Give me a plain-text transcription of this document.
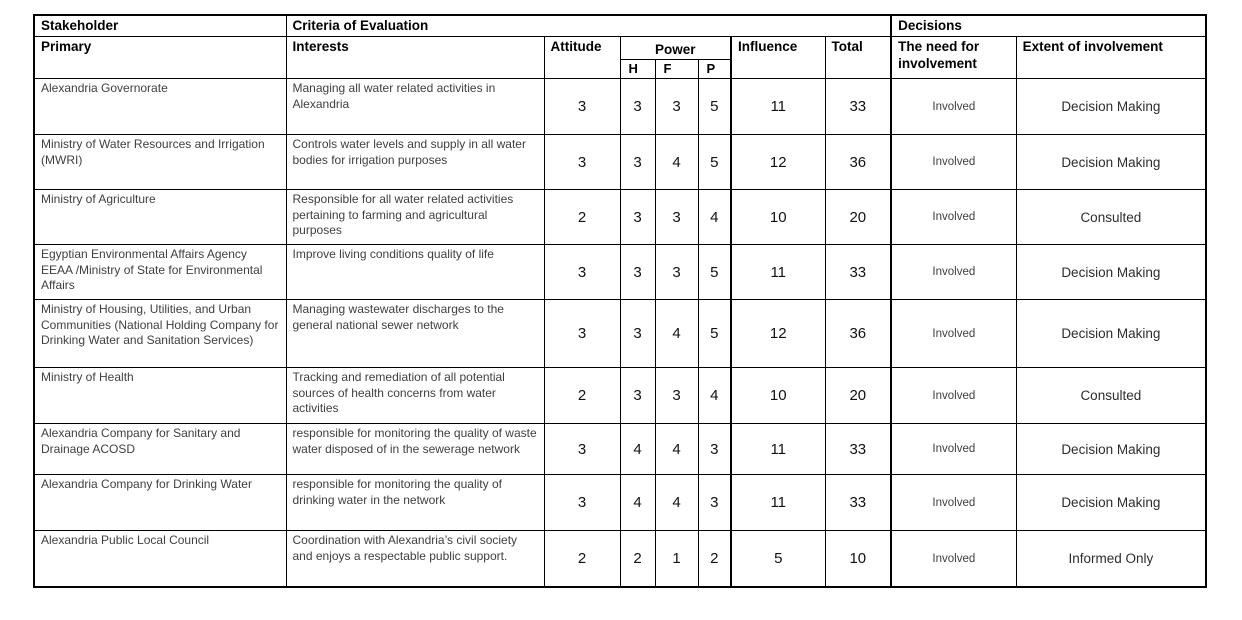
Stakeholder	Criteria of Evaluation							Decisions	
Primary	Interests	Attitude	Power			Influence	Total	The need for involvement	Extent of involvement
			H	F	P				
Alexandria Governorate	Managing all water related activities in Alexandria	3	3	3	5	11	33	Involved	Decision Making
Ministry of Water Resources and Irrigation (MWRI)	Controls water levels and supply in all water bodies for irrigation purposes	3	3	4	5	12	36	Involved	Decision Making
Ministry of Agriculture	Responsible for all water related activities pertaining to farming and agricultural purposes	2	3	3	4	10	20	Involved	Consulted
Egyptian Environmental Affairs Agency EEAA /Ministry of State for Environmental Affairs	Improve living conditions quality of life	3	3	3	5	11	33	Involved	Decision Making
Ministry of Housing, Utilities, and Urban Communities (National Holding Company for Drinking Water and Sanitation Services)	Managing wastewater discharges to the general national sewer network	3	3	4	5	12	36	Involved	Decision Making
Ministry of Health	Tracking and remediation of all potential sources of health concerns from water activities	2	3	3	4	10	20	Involved	Consulted
Alexandria Company for Sanitary and Drainage ACOSD	responsible for monitoring the quality of waste water disposed of in the sewerage network	3	4	4	3	11	33	Involved	Decision Making
Alexandria Company for Drinking Water	responsible for monitoring the quality of drinking water in the network	3	4	4	3	11	33	Involved	Decision Making
Alexandria Public Local Council	Coordination with Alexandria’s civil society and enjoys a respectable public support.	2	2	1	2	5	10	Involved	Informed Only
